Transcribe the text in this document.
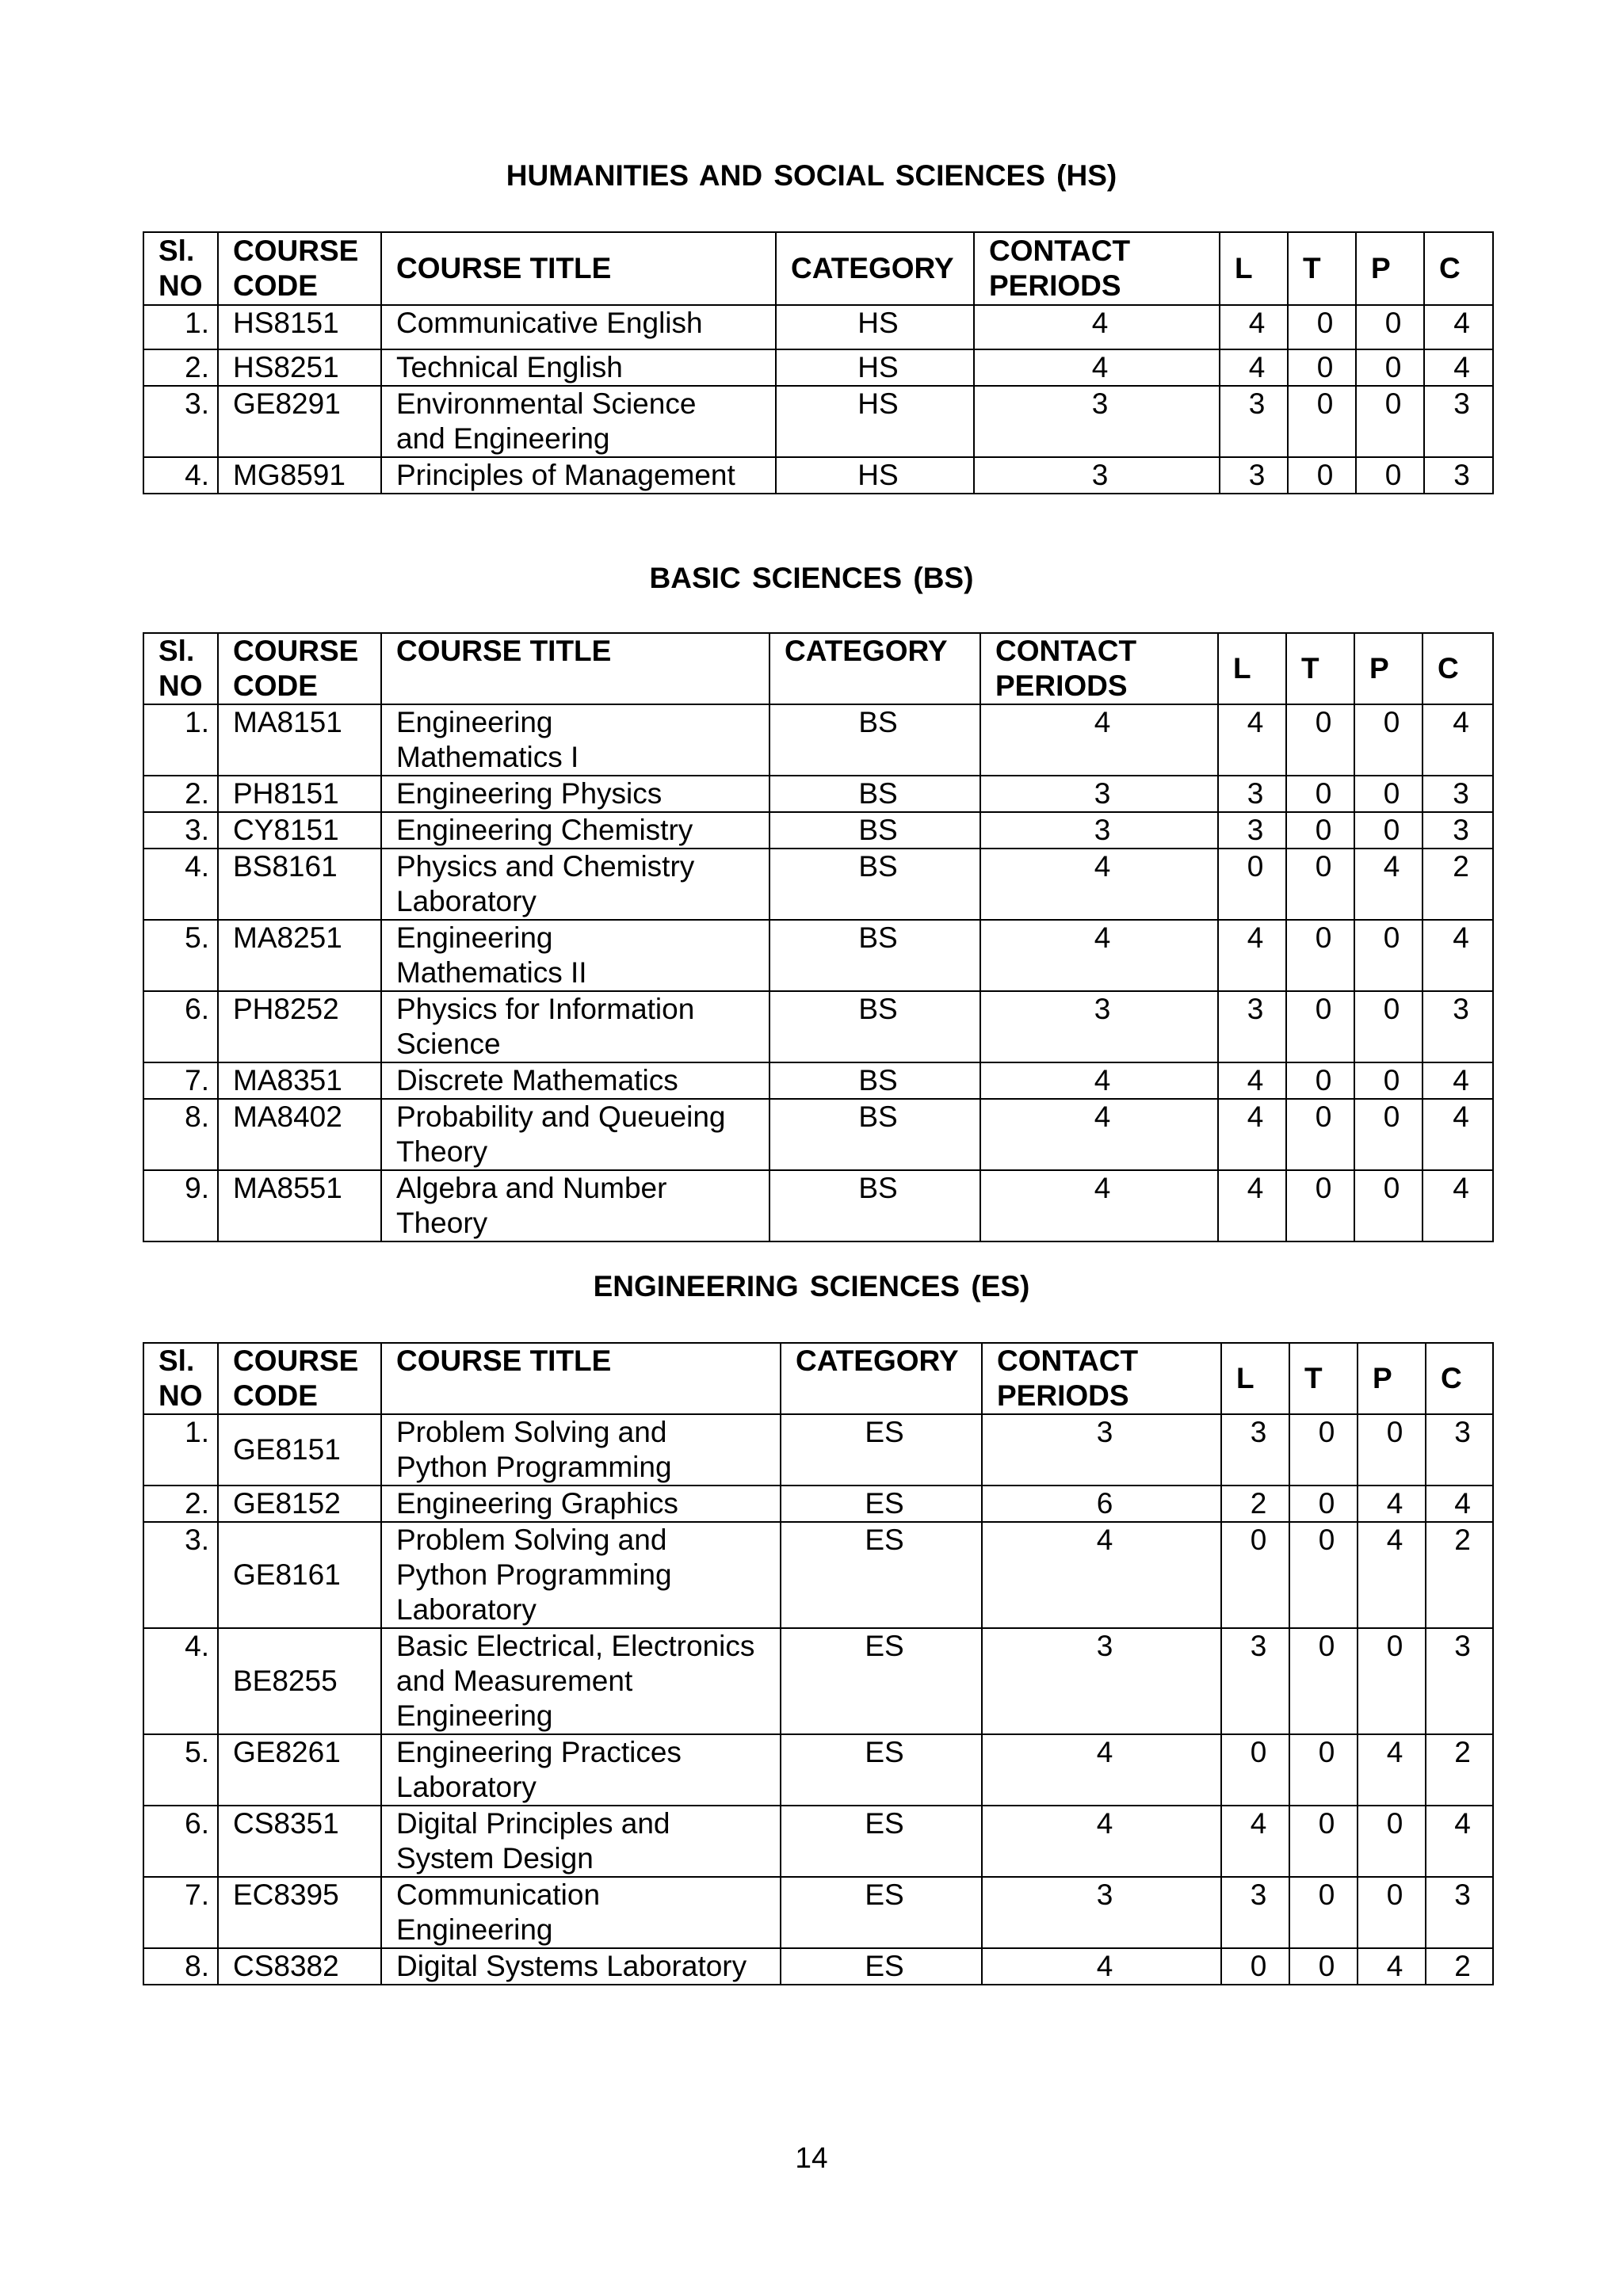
HUMANITIES AND SOCIAL SCIENCES (HS)
Sl.
NO	COURSE
CODE	COURSE TITLE	CATEGORY	CONTACT
PERIODS	L	T	P	C
1.	HS8151	Communicative English	HS	4	4	0	0	4
2.	HS8251	Technical English	HS	4	4	0	0	4
3.	GE8291	Environmental Science
and Engineering	HS	3	3	0	0	3
4.	MG8591	Principles of Management	HS	3	3	0	0	3
BASIC SCIENCES (BS)
Sl.
NO	COURSE
CODE	COURSE TITLE	CATEGORY	CONTACT
PERIODS	L	T	P	C
1.	MA8151	Engineering
Mathematics I	BS	4	4	0	0	4
2.	PH8151	Engineering Physics	BS	3	3	0	0	3
3.	CY8151	Engineering Chemistry	BS	3	3	0	0	3
4.	BS8161	Physics and Chemistry
Laboratory	BS	4	0	0	4	2
5.	MA8251	Engineering
Mathematics II	BS	4	4	0	0	4
6.	PH8252	Physics for Information
Science	BS	3	3	0	0	3
7.	MA8351	Discrete Mathematics	BS	4	4	0	0	4
8.	MA8402	Probability and Queueing
Theory	BS	4	4	0	0	4
9.	MA8551	Algebra and Number
Theory	BS	4	4	0	0	4
ENGINEERING SCIENCES (ES)
Sl.
NO	COURSE
CODE	COURSE TITLE	CATEGORY	CONTACT
PERIODS	L	T	P	C
1.	GE8151	Problem Solving and
Python Programming	ES	3	3	0	0	3
2.	GE8152	Engineering Graphics	ES	6	2	0	4	4
3.	GE8161	Problem Solving and
Python Programming
Laboratory	ES	4	0	0	4	2
4.	BE8255	Basic Electrical, Electronics
and Measurement
Engineering	ES	3	3	0	0	3
5.	GE8261	Engineering Practices
Laboratory	ES	4	0	0	4	2
6.	CS8351	Digital Principles and
System Design	ES	4	4	0	0	4
7.	EC8395	Communication
Engineering	ES	3	3	0	0	3
8.	CS8382	Digital Systems Laboratory	ES	4	0	0	4	2
14
